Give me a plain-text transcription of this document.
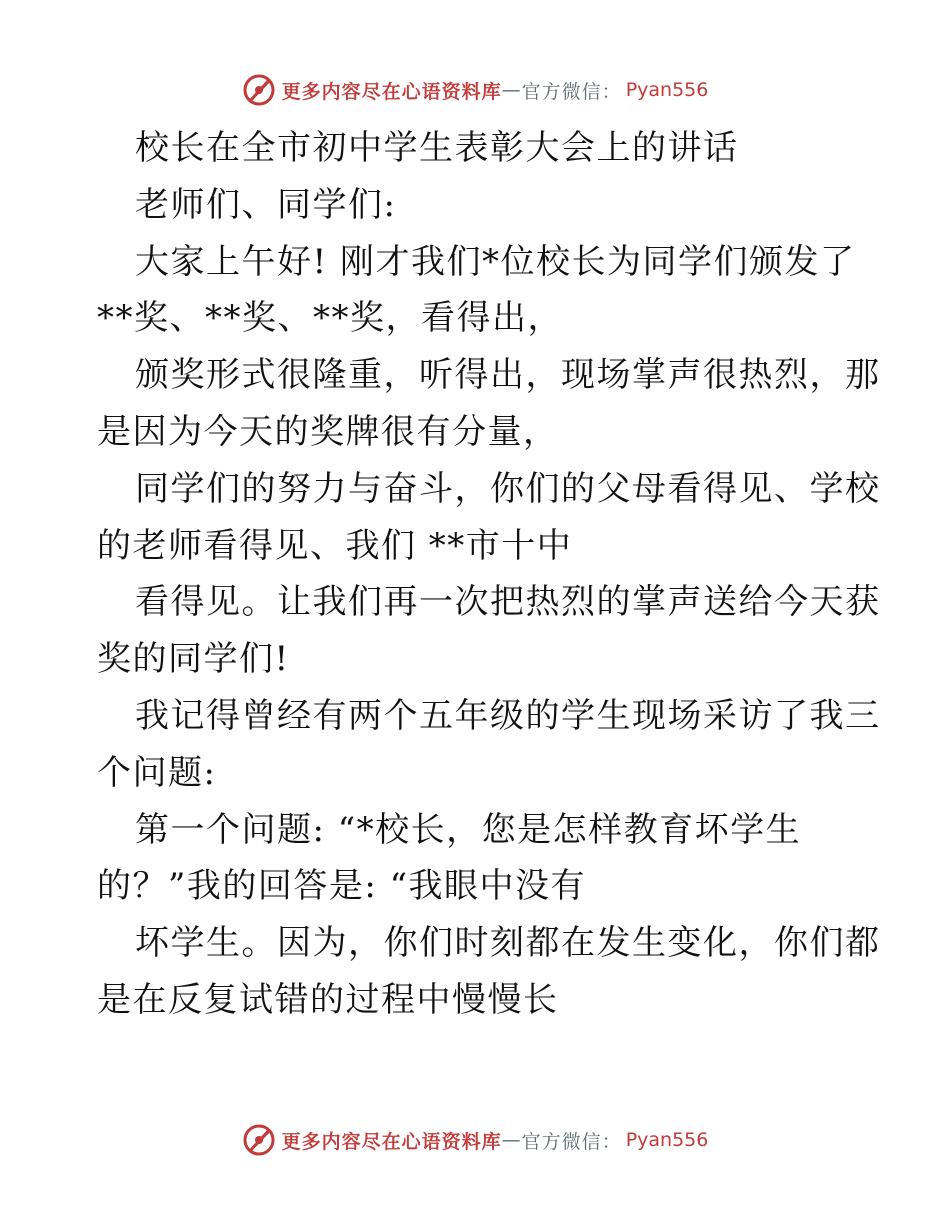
更多内容尽在心语资料库 — 官方微信： Pyan556
校长在全市初中学生表彰大会上的讲话
老师们、同学们:
大家上午好! 刚才我们*位校长为同学们颁发了
**奖、**奖、**奖，看得出，
颁奖形式很隆重，听得出，现场掌声很热烈，那
是因为今天的奖牌很有分量，
同学们的努力与奋斗，你们的父母看得见、学校
的老师看得见、我们 **市十中
看得见。让我们再一次把热烈的掌声送给今天获
奖的同学们!
我记得曾经有两个五年级的学生现场采访了我三
个问题:
第一个问题: “*校长，您是怎样教育坏学生
的？”我的回答是: “我眼中没有
坏学生。因为，你们时刻都在发生变化，你们都
是在反复试错的过程中慢慢长
更多内容尽在心语资料库 — 官方微信： Pyan556
